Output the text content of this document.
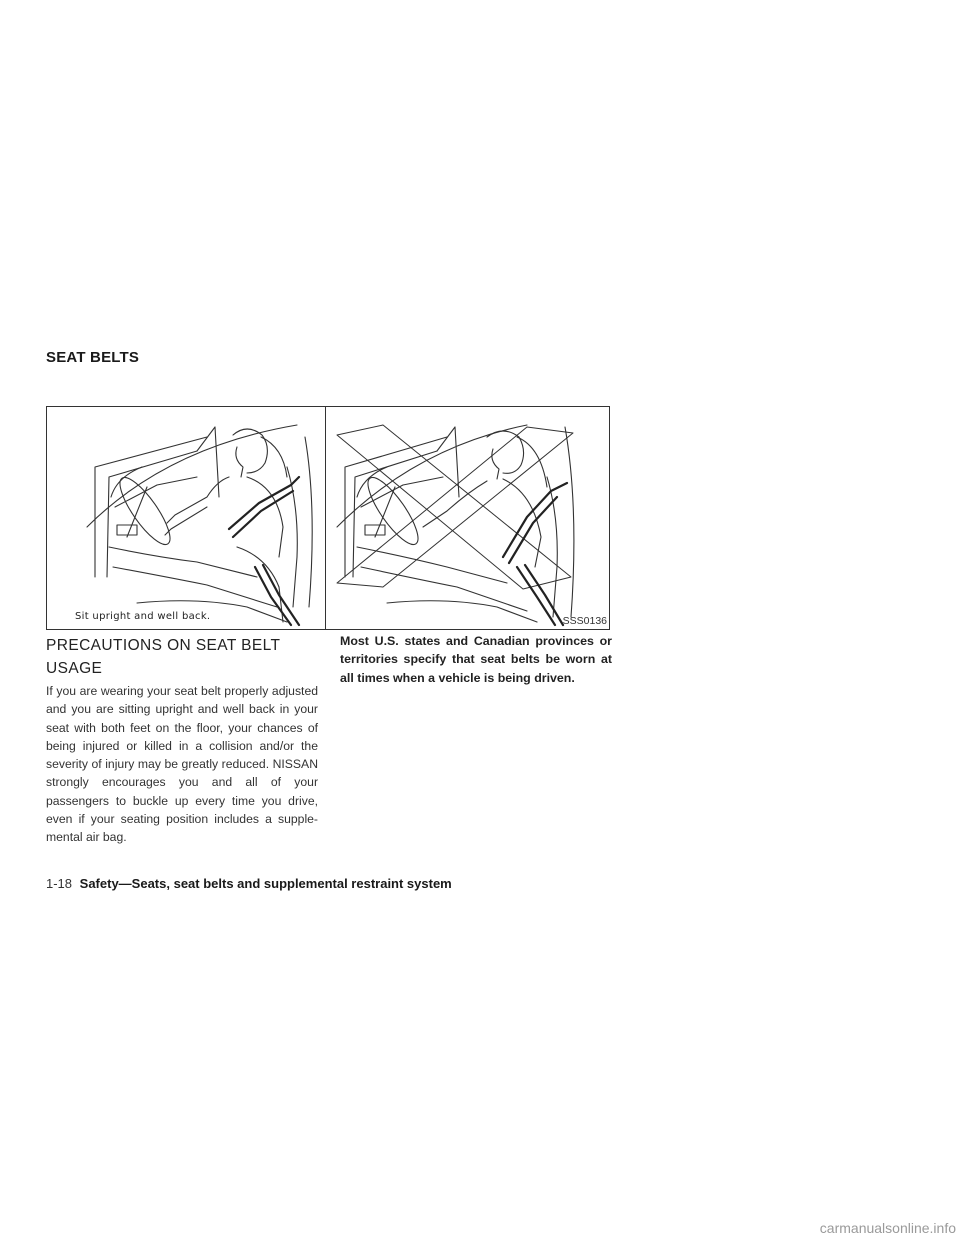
SEAT BELTS
Sit upright and well back.	SSS0136
PRECAUTIONS ON SEAT BELT USAGE
If you are wearing your seat belt properly adjusted and you are sitting upright and well back in your seat with both feet on the floor, your chances of being injured or killed in a collision and/or the severity of injury may be greatly reduced. NISSAN strongly encourages you and all of your passengers to buckle up every time you drive, even if your seating position includes a supple-mental air bag.
Most U.S. states and Canadian provinces or territories specify that seat belts be worn at all times when a vehicle is being driven.
1-18 Safety—Seats, seat belts and supplemental restraint system
carmanualsonline.info
